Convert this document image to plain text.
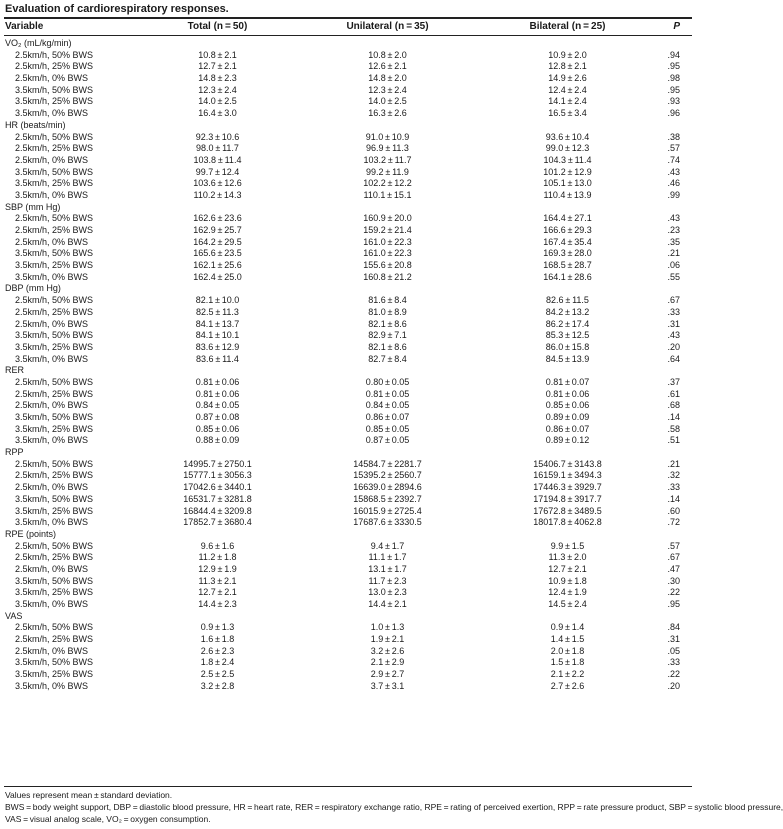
Evaluation of cardiorespiratory responses.
Variable	Total (n = 50)	Unilateral (n = 35)	Bilateral (n = 25)	P
VO₂ (mL/kg/min)
2.5km/h, 50% BWS	10.8 ± 2.1	10.8 ± 2.0	10.9 ± 2.0	.94
2.5km/h, 25% BWS	12.7 ± 2.1	12.6 ± 2.1	12.8 ± 2.1	.95
2.5km/h, 0% BWS	14.8 ± 2.3	14.8 ± 2.0	14.9 ± 2.6	.98
3.5km/h, 50% BWS	12.3 ± 2.4	12.3 ± 2.4	12.4 ± 2.4	.95
3.5km/h, 25% BWS	14.0 ± 2.5	14.0 ± 2.5	14.1 ± 2.4	.93
3.5km/h, 0% BWS	16.4 ± 3.0	16.3 ± 2.6	16.5 ± 3.4	.96
HR (beats/min)
2.5km/h, 50% BWS	92.3 ± 10.6	91.0 ± 10.9	93.6 ± 10.4	.38
2.5km/h, 25% BWS	98.0 ± 11.7	96.9 ± 11.3	99.0 ± 12.3	.57
2.5km/h, 0% BWS	103.8 ± 11.4	103.2 ± 11.7	104.3 ± 11.4	.74
3.5km/h, 50% BWS	99.7 ± 12.4	99.2 ± 11.9	101.2 ± 12.9	.43
3.5km/h, 25% BWS	103.6 ± 12.6	102.2 ± 12.2	105.1 ± 13.0	.46
3.5km/h, 0% BWS	110.2 ± 14.3	110.1 ± 15.1	110.4 ± 13.9	.99
SBP (mm Hg)
2.5km/h, 50% BWS	162.6 ± 23.6	160.9 ± 20.0	164.4 ± 27.1	.43
2.5km/h, 25% BWS	162.9 ± 25.7	159.2 ± 21.4	166.6 ± 29.3	.23
2.5km/h, 0% BWS	164.2 ± 29.5	161.0 ± 22.3	167.4 ± 35.4	.35
3.5km/h, 50% BWS	165.6 ± 23.5	161.0 ± 22.3	169.3 ± 28.0	.21
3.5km/h, 25% BWS	162.1 ± 25.6	155.6 ± 20.8	168.5 ± 28.7	.06
3.5km/h, 0% BWS	162.4 ± 25.0	160.8 ± 21.2	164.1 ± 28.6	.55
DBP (mm Hg)
2.5km/h, 50% BWS	82.1 ± 10.0	81.6 ± 8.4	82.6 ± 11.5	.67
2.5km/h, 25% BWS	82.5 ± 11.3	81.0 ± 8.9	84.2 ± 13.2	.33
2.5km/h, 0% BWS	84.1 ± 13.7	82.1 ± 8.6	86.2 ± 17.4	.31
3.5km/h, 50% BWS	84.1 ± 10.1	82.9 ± 7.1	85.3 ± 12.5	.43
3.5km/h, 25% BWS	83.6 ± 12.9	82.1 ± 8.6	86.0 ± 15.8	.20
3.5km/h, 0% BWS	83.6 ± 11.4	82.7 ± 8.4	84.5 ± 13.9	.64
RER
2.5km/h, 50% BWS	0.81 ± 0.06	0.80 ± 0.05	0.81 ± 0.07	.37
2.5km/h, 25% BWS	0.81 ± 0.06	0.81 ± 0.05	0.81 ± 0.06	.61
2.5km/h, 0% BWS	0.84 ± 0.05	0.84 ± 0.05	0.85 ± 0.06	.68
3.5km/h, 50% BWS	0.87 ± 0.08	0.86 ± 0.07	0.89 ± 0.09	.14
3.5km/h, 25% BWS	0.85 ± 0.06	0.85 ± 0.05	0.86 ± 0.07	.58
3.5km/h, 0% BWS	0.88 ± 0.09	0.87 ± 0.05	0.89 ± 0.12	.51
RPP
2.5km/h, 50% BWS	14995.7 ± 2750.1	14584.7 ± 2281.7	15406.7 ± 3143.8	.21
2.5km/h, 25% BWS	15777.1 ± 3056.3	15395.2 ± 2560.7	16159.1 ± 3494.3	.32
2.5km/h, 0% BWS	17042.6 ± 3440.1	16639.0 ± 2894.6	17446.3 ± 3929.7	.33
3.5km/h, 50% BWS	16531.7 ± 3281.8	15868.5 ± 2392.7	17194.8 ± 3917.7	.14
3.5km/h, 25% BWS	16844.4 ± 3209.8	16015.9 ± 2725.4	17672.8 ± 3489.5	.60
3.5km/h, 0% BWS	17852.7 ± 3680.4	17687.6 ± 3330.5	18017.8 ± 4062.8	.72
RPE (points)
2.5km/h, 50% BWS	9.6 ± 1.6	9.4 ± 1.7	9.9 ± 1.5	.57
2.5km/h, 25% BWS	11.2 ± 1.8	11.1 ± 1.7	11.3 ± 2.0	.67
2.5km/h, 0% BWS	12.9 ± 1.9	13.1 ± 1.7	12.7 ± 2.1	.47
3.5km/h, 50% BWS	11.3 ± 2.1	11.7 ± 2.3	10.9 ± 1.8	.30
3.5km/h, 25% BWS	12.7 ± 2.1	13.0 ± 2.3	12.4 ± 1.9	.22
3.5km/h, 0% BWS	14.4 ± 2.3	14.4 ± 2.1	14.5 ± 2.4	.95
VAS
2.5km/h, 50% BWS	0.9 ± 1.3	1.0 ± 1.3	0.9 ± 1.4	.84
2.5km/h, 25% BWS	1.6 ± 1.8	1.9 ± 2.1	1.4 ± 1.5	.31
2.5km/h, 0% BWS	2.6 ± 2.3	3.2 ± 2.6	2.0 ± 1.8	.05
3.5km/h, 50% BWS	1.8 ± 2.4	2.1 ± 2.9	1.5 ± 1.8	.33
3.5km/h, 25% BWS	2.5 ± 2.5	2.9 ± 2.7	2.1 ± 2.2	.22
3.5km/h, 0% BWS	3.2 ± 2.8	3.7 ± 3.1	2.7 ± 2.6	.20
Values represent mean ± standard deviation.
BWS = body weight support, DBP = diastolic blood pressure, HR = heart rate, RER = respiratory exchange ratio, RPE = rating of perceived exertion, RPP = rate pressure product, SBP = systolic blood pressure,
VAS = visual analog scale, VO₂ = oxygen consumption.
